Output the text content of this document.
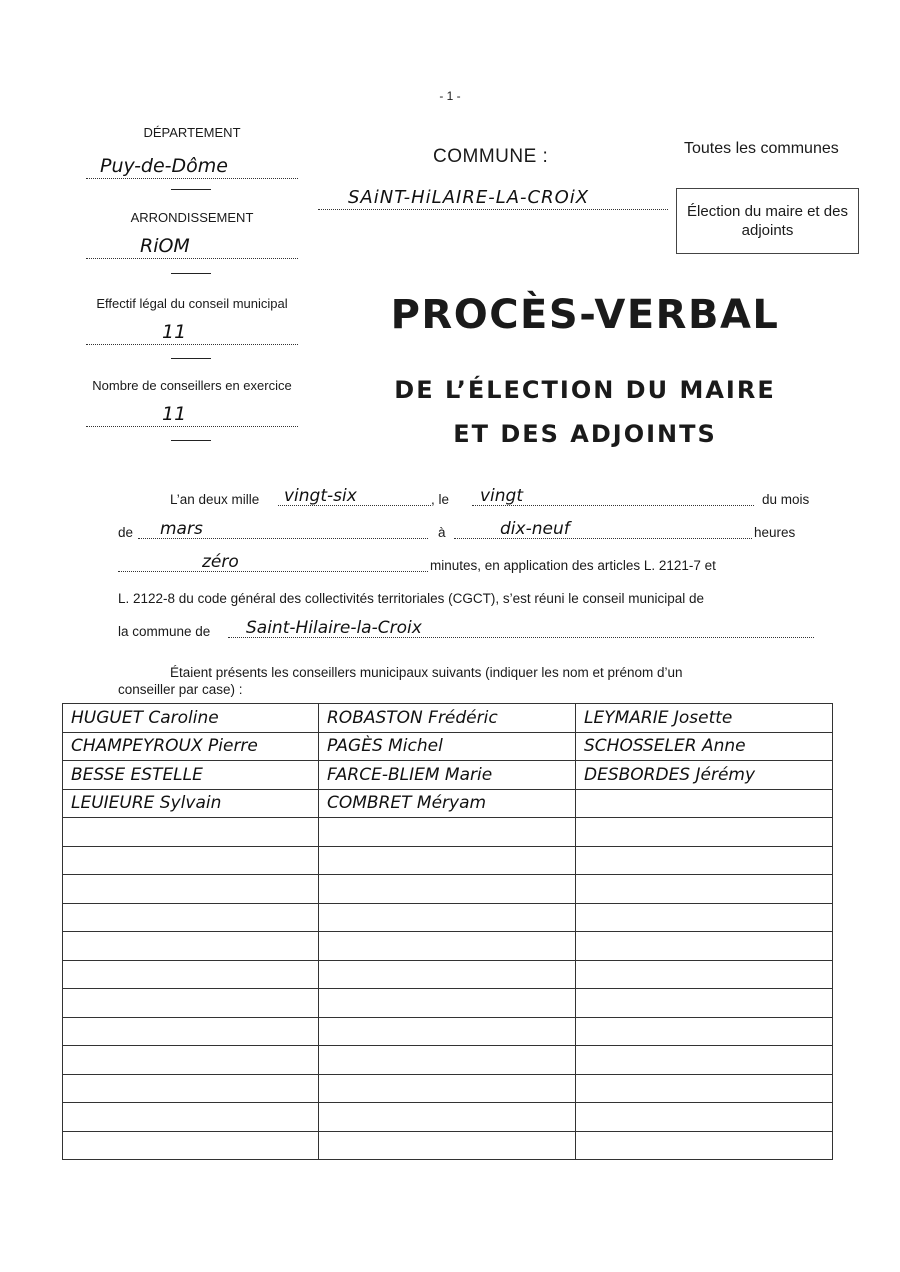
- 1 -
DÉPARTEMENT
Puy-de-Dôme
ARRONDISSEMENT
RiOM
Effectif légal du conseil municipal
11
Nombre de conseillers en exercice
11
COMMUNE :
SAiNT-HiLAIRE-LA-CROiX
Toutes les communes
Élection du maire et des adjoints
PROCÈS-VERBAL
DE L’ÉLECTION DU MAIRE
ET DES ADJOINTS
L’an deux mille vingt-six	, le vingt	du mois
de mars	à	dix-neuf	heures
zéro	minutes, en application des articles L. 2121-7 et
L. 2122-8 du code général des collectivités territoriales (CGCT), s’est réuni le conseil municipal de
la commune de Saint-Hilaire-la-Croix
Étaient présents les conseillers municipaux suivants (indiquer les nom et prénom d’un
conseiller par case) :
HUGUET Caroline	ROBASTON Frédéric	LEYMARIE Josette
CHAMPEYROUX Pierre	PAGÈS Michel	SCHOSSELER Anne
BESSE ESTELLE	FARCE-BLIEM Marie	DESBORDES Jérémy
LEUIEURE Sylvain	COMBRET Méryam	
